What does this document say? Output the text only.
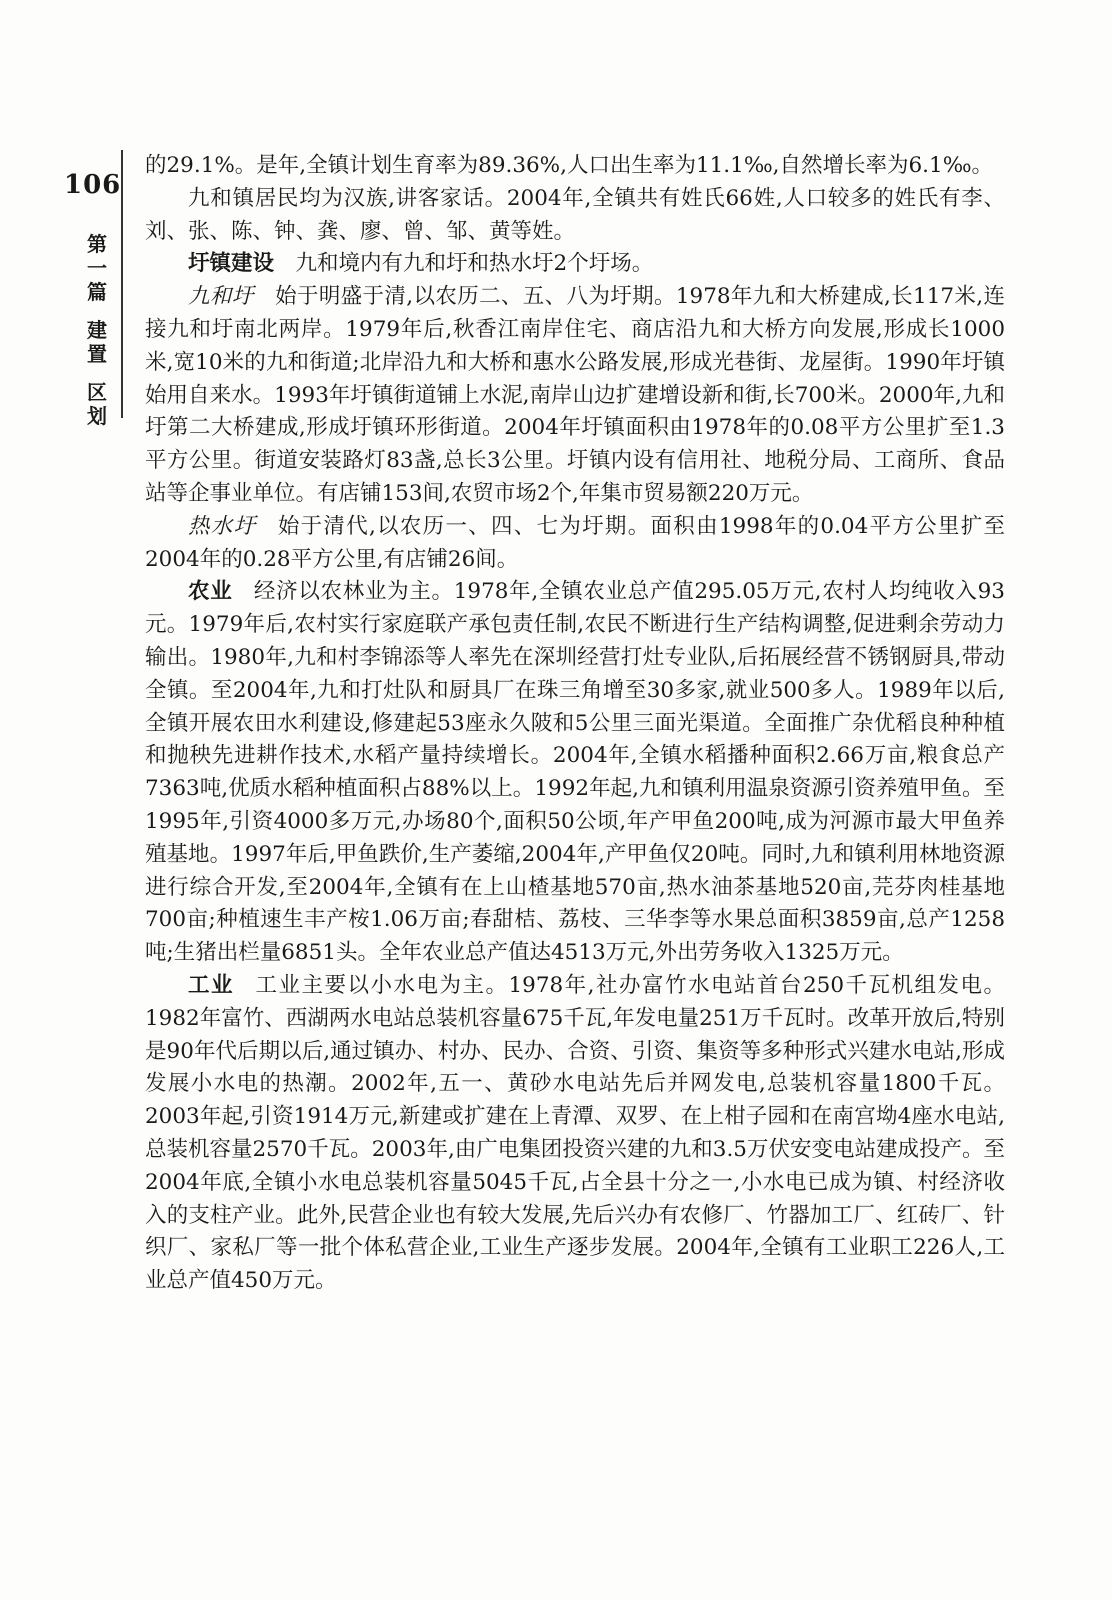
106
第
一
篇
建
置
区
划

的29.1%。是年,全镇计划生育率为89.36%,人口出生率为11.1‰,自然增长率为6.1‰。

九和镇居民均为汉族,讲客家话。2004年,全镇共有姓氏66姓,人口较多的姓氏有李、刘、张、陈、钟、龚、廖、曾、邹、黄等姓。

圩镇建设 九和境内有九和圩和热水圩2个圩场。

九和圩 始于明盛于清,以农历二、五、八为圩期。1978年九和大桥建成,长117米,连接九和圩南北两岸。1979年后,秋香江南岸住宅、商店沿九和大桥方向发展,形成长1000米,宽10米的九和街道;北岸沿九和大桥和惠水公路发展,形成光巷街、龙屋街。1990年圩镇始用自来水。1993年圩镇街道铺上水泥,南岸山边扩建增设新和街,长700米。2000年,九和圩第二大桥建成,形成圩镇环形街道。2004年圩镇面积由1978年的0.08平方公里扩至1.3平方公里。街道安装路灯83盏,总长3公里。圩镇内设有信用社、地税分局、工商所、食品站等企事业单位。有店铺153间,农贸市场2个,年集市贸易额220万元。

热水圩 始于清代,以农历一、四、七为圩期。面积由1998年的0.04平方公里扩至2004年的0.28平方公里,有店铺26间。

农业 经济以农林业为主。1978年,全镇农业总产值295.05万元,农村人均纯收入93元。1979年后,农村实行家庭联产承包责任制,农民不断进行生产结构调整,促进剩余劳动力输出。1980年,九和村李锦添等人率先在深圳经营打灶专业队,后拓展经营不锈钢厨具,带动全镇。至2004年,九和打灶队和厨具厂在珠三角增至30多家,就业500多人。1989年以后,全镇开展农田水利建设,修建起53座永久陂和5公里三面光渠道。全面推广杂优稻良种种植和抛秧先进耕作技术,水稻产量持续增长。2004年,全镇水稻播种面积2.66万亩,粮食总产7363吨,优质水稻种植面积占88%以上。1992年起,九和镇利用温泉资源引资养殖甲鱼。至1995年,引资4000多万元,办场80个,面积50公顷,年产甲鱼200吨,成为河源市最大甲鱼养殖基地。1997年后,甲鱼跌价,生产萎缩,2004年,产甲鱼仅20吨。同时,九和镇利用林地资源进行综合开发,至2004年,全镇有在上山楂基地570亩,热水油茶基地520亩,芫芬肉桂基地700亩;种植速生丰产桉1.06万亩;春甜桔、荔枝、三华李等水果总面积3859亩,总产1258吨;生猪出栏量6851头。全年农业总产值达4513万元,外出劳务收入1325万元。

工业 工业主要以小水电为主。1978年,社办富竹水电站首台250千瓦机组发电。1982年富竹、西湖两水电站总装机容量675千瓦,年发电量251万千瓦时。改革开放后,特别是90年代后期以后,通过镇办、村办、民办、合资、引资、集资等多种形式兴建水电站,形成发展小水电的热潮。2002年,五一、黄砂水电站先后并网发电,总装机容量1800千瓦。2003年起,引资1914万元,新建或扩建在上青潭、双罗、在上柑子园和在南宫坳4座水电站,总装机容量2570千瓦。2003年,由广电集团投资兴建的九和3.5万伏安变电站建成投产。至2004年底,全镇小水电总装机容量5045千瓦,占全县十分之一,小水电已成为镇、村经济收入的支柱产业。此外,民营企业也有较大发展,先后兴办有农修厂、竹器加工厂、红砖厂、针织厂、家私厂等一批个体私营企业,工业生产逐步发展。2004年,全镇有工业职工226人,工业总产值450万元。
